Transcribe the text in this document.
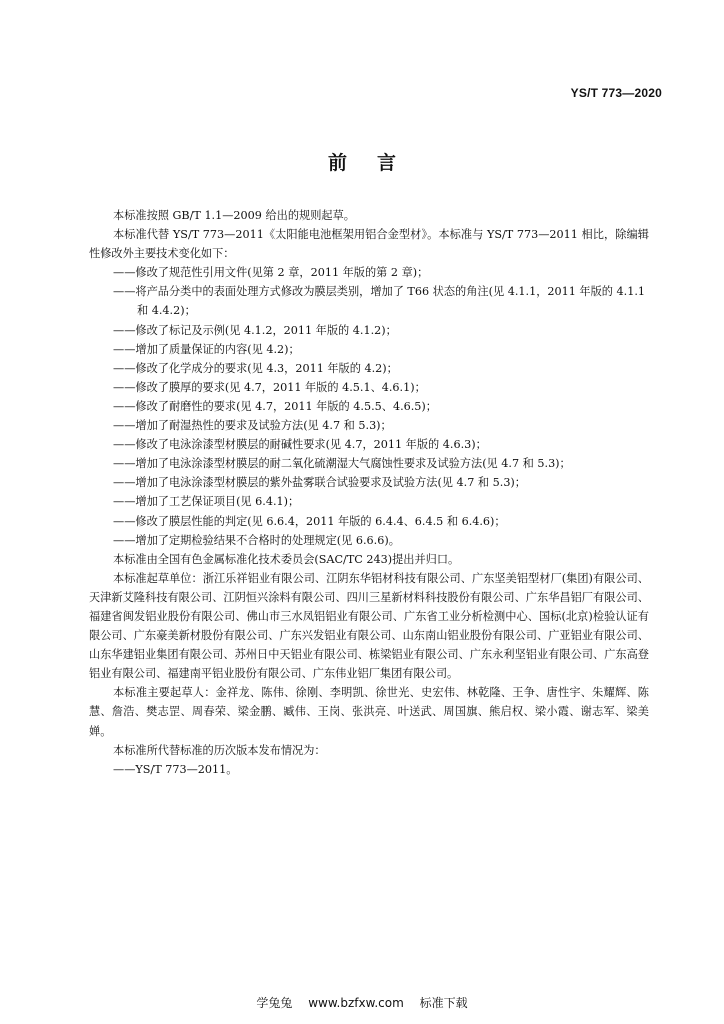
YS/T 773—2020
前言

本标准按照 GB/T 1.1—2009 给出的规则起草。

本标准代替 YS/T 773—2011《太阳能电池框架用铝合金型材》。本标准与 YS/T 773—2011 相比，除编辑性修改外主要技术变化如下：

——修改了规范性引用文件(见第 2 章，2011 年版的第 2 章)；

——将产品分类中的表面处理方式修改为膜层类别，增加了 T66 状态的角注(见 4.1.1，2011 年版的 4.1.1 和 4.4.2)；

——修改了标记及示例(见 4.1.2，2011 年版的 4.1.2)；

——增加了质量保证的内容(见 4.2)；

——修改了化学成分的要求(见 4.3，2011 年版的 4.2)；

——修改了膜厚的要求(见 4.7，2011 年版的 4.5.1、4.6.1)；

——修改了耐磨性的要求(见 4.7，2011 年版的 4.5.5、4.6.5)；

——增加了耐湿热性的要求及试验方法(见 4.7 和 5.3)；

——修改了电泳涂漆型材膜层的耐碱性要求(见 4.7，2011 年版的 4.6.3)；

——增加了电泳涂漆型材膜层的耐二氧化硫潮湿大气腐蚀性要求及试验方法(见 4.7 和 5.3)；

——增加了电泳涂漆型材膜层的紫外盐雾联合试验要求及试验方法(见 4.7 和 5.3)；

——增加了工艺保证项目(见 6.4.1)；

——修改了膜层性能的判定(见 6.6.4，2011 年版的 6.4.4、6.4.5 和 6.4.6)；

——增加了定期检验结果不合格时的处理规定(见 6.6.6)。

本标准由全国有色金属标准化技术委员会(SAC/TC 243)提出并归口。

本标准起草单位：浙江乐祥铝业有限公司、江阴东华铝材科技有限公司、广东坚美铝型材厂(集团)有限公司、天津新艾隆科技有限公司、江阴恒兴涂料有限公司、四川三星新材料科技股份有限公司、广东华昌铝厂有限公司、福建省闽发铝业股份有限公司、佛山市三水凤铝铝业有限公司、广东省工业分析检测中心、国标(北京)检验认证有限公司、广东豪美新材股份有限公司、广东兴发铝业有限公司、山东南山铝业股份有限公司、广亚铝业有限公司、山东华建铝业集团有限公司、苏州日中天铝业有限公司、栋梁铝业有限公司、广东永利坚铝业有限公司、广东高登铝业有限公司、福建南平铝业股份有限公司、广东伟业铝厂集团有限公司。

本标准主要起草人：金祥龙、陈伟、徐刚、李明凯、徐世光、史宏伟、林乾隆、王争、唐性宇、朱耀辉、陈慧、詹浩、樊志罡、周春荣、梁金鹏、臧伟、王岗、张洪亮、叶送武、周国旗、熊启权、梁小霞、谢志军、梁美婵。

本标准所代替标准的历次版本发布情况为：

——YS/T 773—2011。

学兔兔 www.bzfxw.com 标准下载
